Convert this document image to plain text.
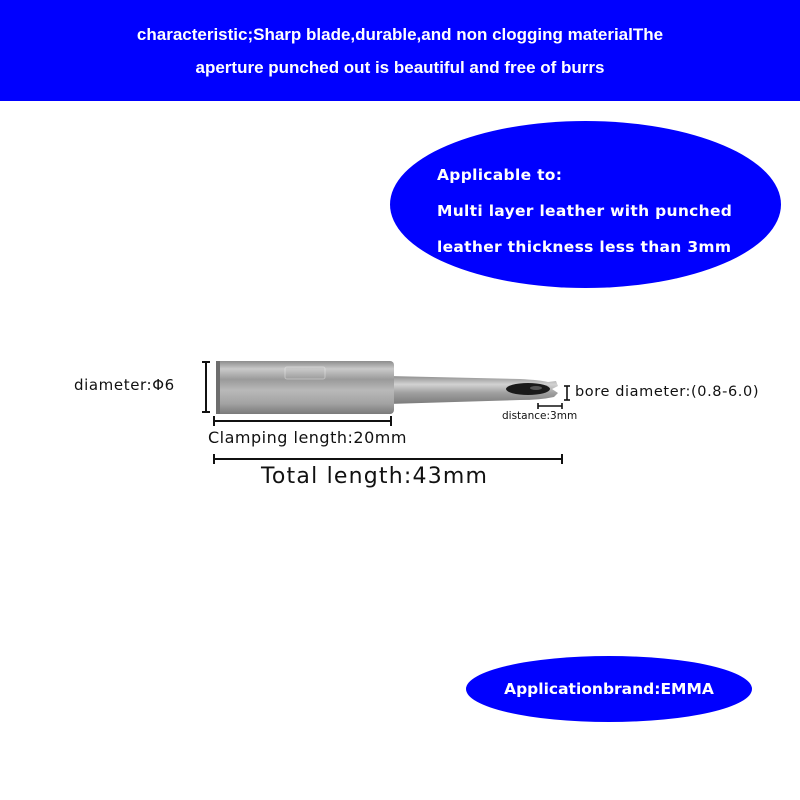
characteristic;Sharp blade,durable,and non clogging materialThe
aperture punched out is beautiful and free of burrs
Applicable to:
Multi layer leather with punched
leather thickness less than 3mm
diameter:Φ6
Clamping length:20mm
Total length:43mm
bore diameter:(0.8-6.0)
distance:3mm
Applicationbrand:EMMA
